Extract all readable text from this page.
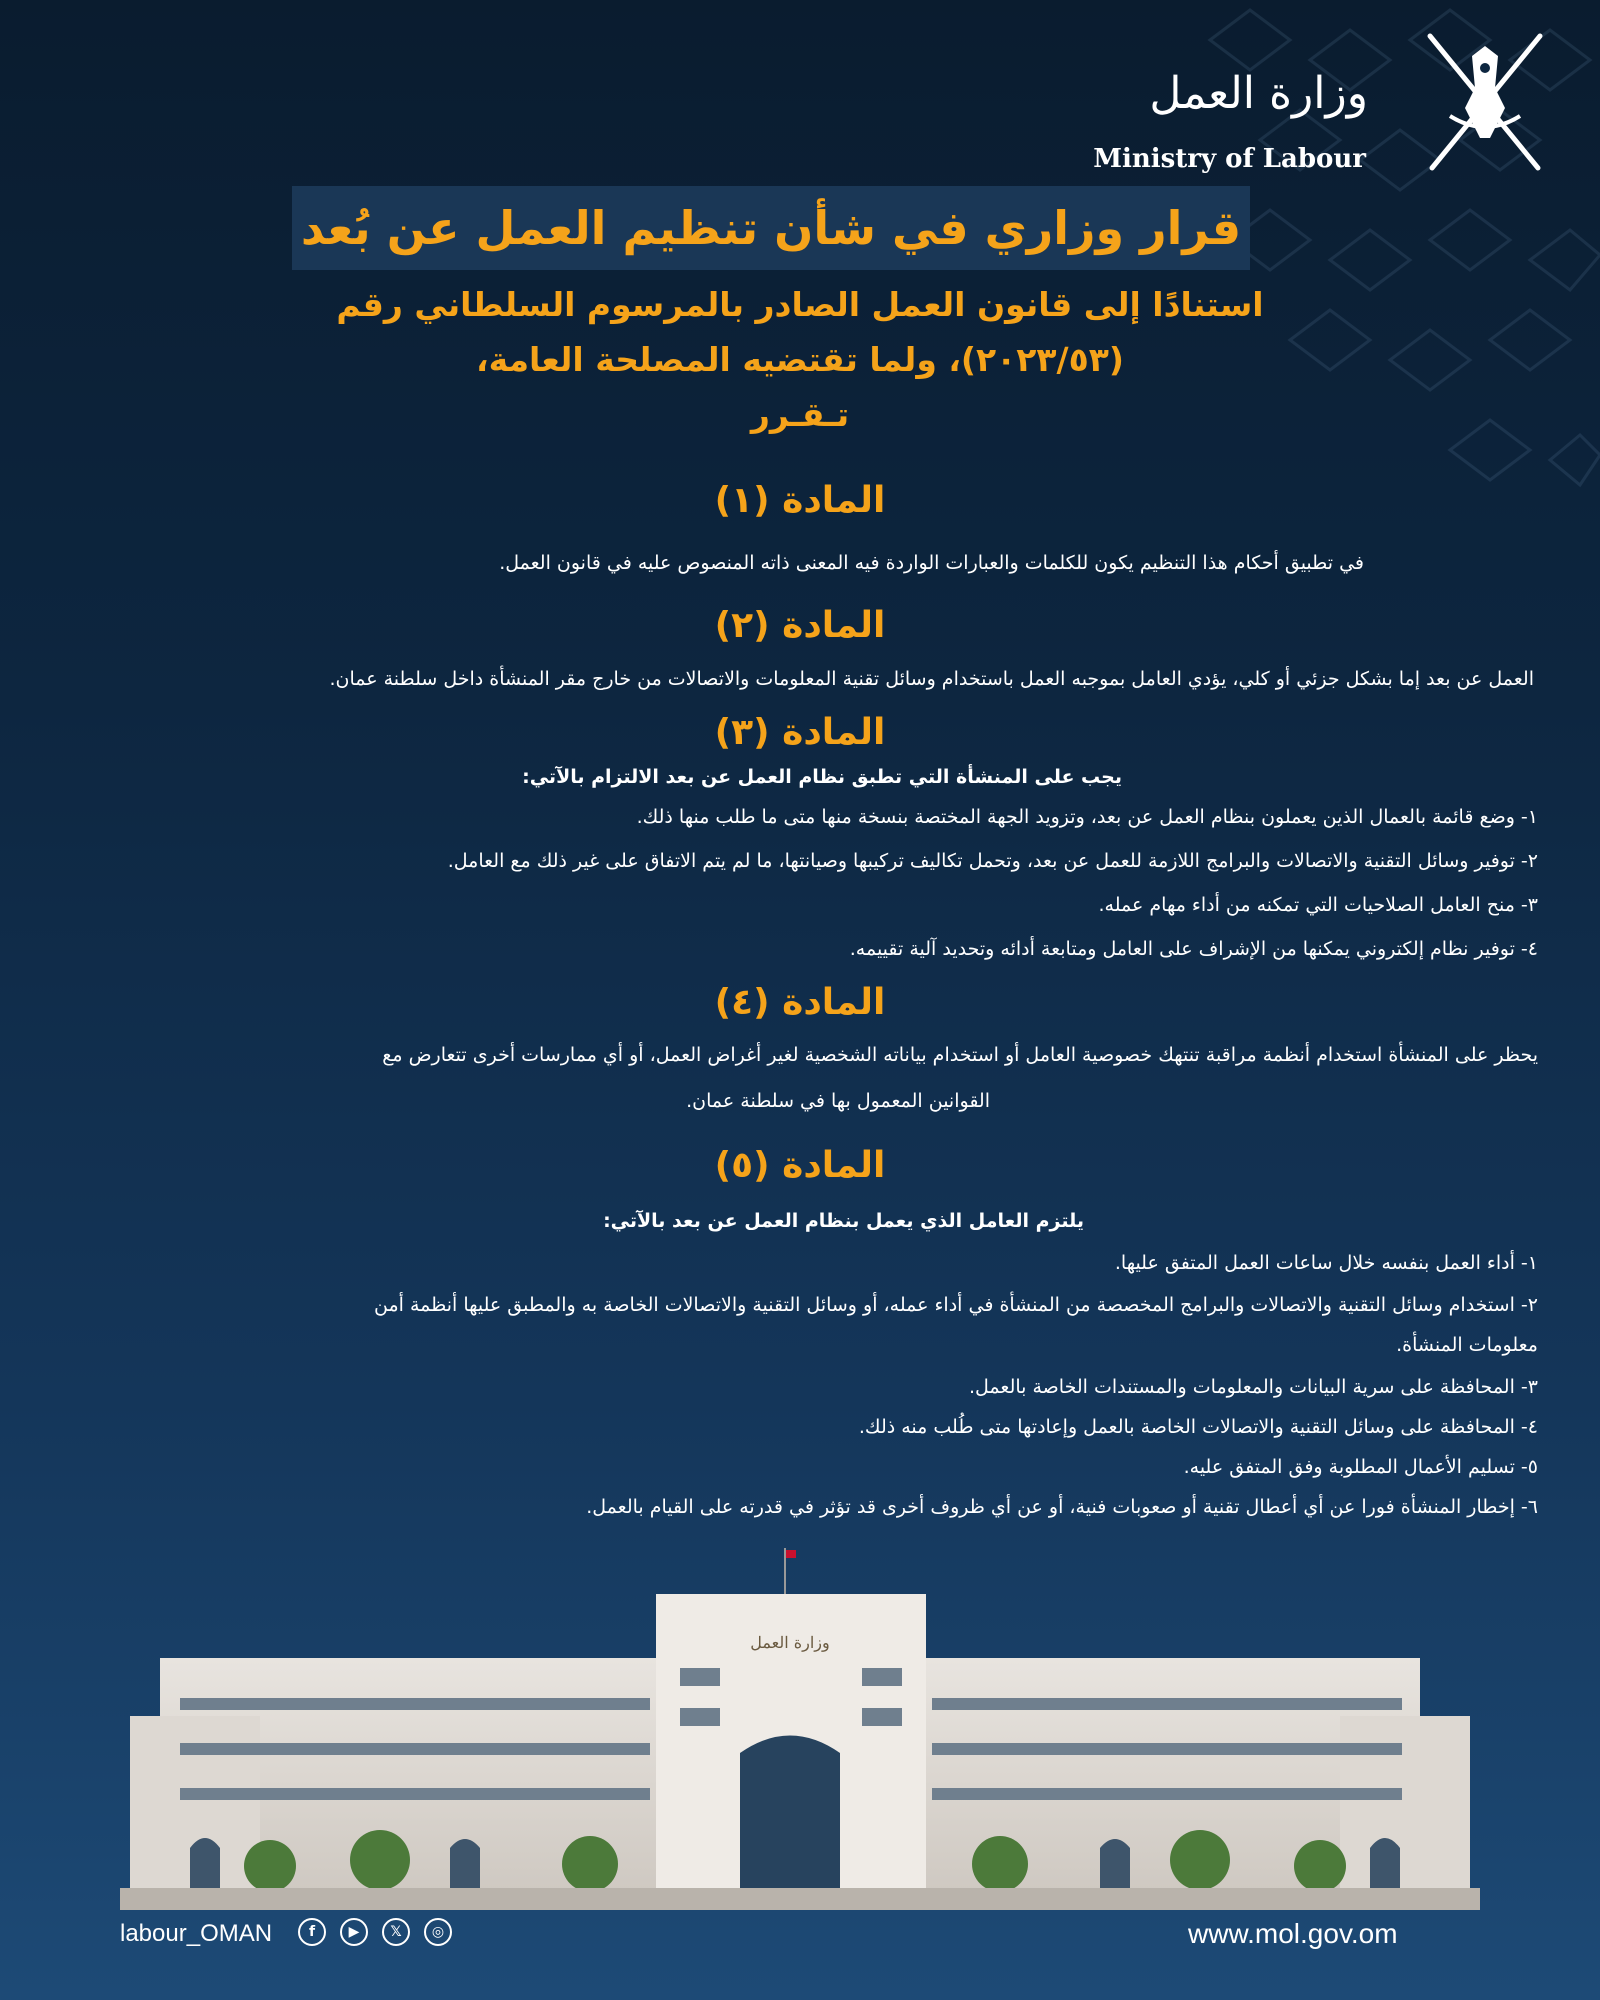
وزارة العمل
Ministry of Labour
قرار وزاري في شأن تنظيم العمل عن بُعد
استنادًا إلى قانون العمل الصادر بالمرسوم السلطاني رقم
(٢٠٢٣/٥٣)، ولما تقتضيه المصلحة العامة،
تـقـرر
المادة (١)
في تطبيق أحكام هذا التنظيم يكون للكلمات والعبارات الواردة فيه المعنى ذاته المنصوص عليه في قانون العمل.
المادة (٢)
العمل عن بعد إما بشكل جزئي أو كلي، يؤدي العامل بموجبه العمل باستخدام وسائل تقنية المعلومات والاتصالات من خارج مقر المنشأة داخل سلطنة عمان.
المادة (٣)
يجب على المنشأة التي تطبق نظام العمل عن بعد الالتزام بالآتي:
١- وضع قائمة بالعمال الذين يعملون بنظام العمل عن بعد، وتزويد الجهة المختصة بنسخة منها متى ما طلب منها ذلك.
٢- توفير وسائل التقنية والاتصالات والبرامج اللازمة للعمل عن بعد، وتحمل تكاليف تركيبها وصيانتها، ما لم يتم الاتفاق على غير ذلك مع العامل.
٣- منح العامل الصلاحيات التي تمكنه من أداء مهام عمله.
٤- توفير نظام إلكتروني يمكنها من الإشراف على العامل ومتابعة أدائه وتحديد آلية تقييمه.
المادة (٤)
يحظر على المنشأة استخدام أنظمة مراقبة تنتهك خصوصية العامل أو استخدام بياناته الشخصية لغير أغراض العمل، أو أي ممارسات أخرى تتعارض مع
القوانين المعمول بها في سلطنة عمان.
المادة (٥)
يلتزم العامل الذي يعمل بنظام العمل عن بعد بالآتي:
١- أداء العمل بنفسه خلال ساعات العمل المتفق عليها.
٢- استخدام وسائل التقنية والاتصالات والبرامج المخصصة من المنشأة في أداء عمله، أو وسائل التقنية والاتصالات الخاصة به والمطبق عليها أنظمة أمن
معلومات المنشأة.
٣- المحافظة على سرية البيانات والمعلومات والمستندات الخاصة بالعمل.
٤- المحافظة على وسائل التقنية والاتصالات الخاصة بالعمل وإعادتها متى طُلب منه ذلك.
٥- تسليم الأعمال المطلوبة وفق المتفق عليه.
٦- إخطار المنشأة فورا عن أي أعطال تقنية أو صعوبات فنية، أو عن أي ظروف أخرى قد تؤثر في قدرته على القيام بالعمل.
وزارة العمل
labour_OMAN	f	▶	𝕏	◎	www.mol.gov.om
